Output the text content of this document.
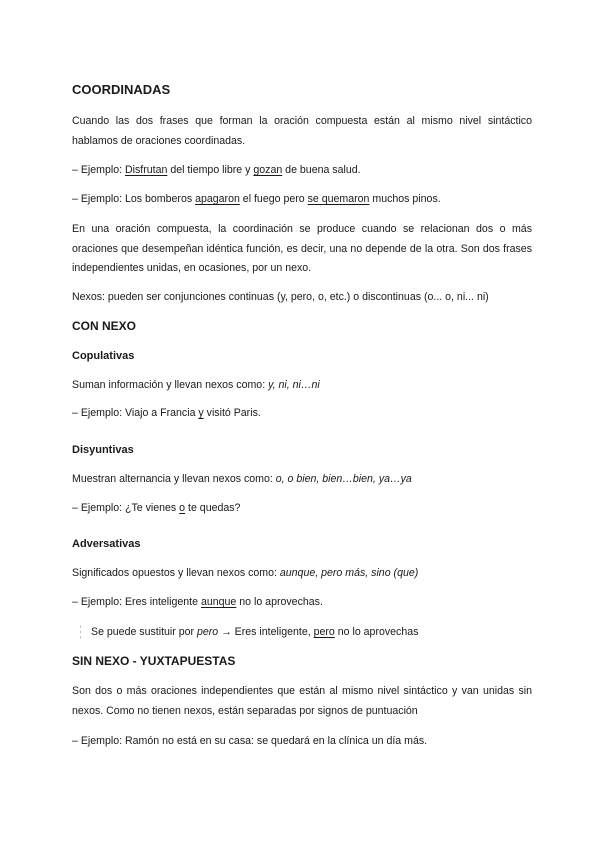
COORDINADAS
Cuando las dos frases que forman la oración compuesta están al mismo nivel sintáctico hablamos de oraciones coordinadas.
– Ejemplo: Disfrutan del tiempo libre y gozan de buena salud.
– Ejemplo: Los bomberos apagaron el fuego pero se quemaron muchos pinos.
En una oración compuesta, la coordinación se produce cuando se relacionan dos o más oraciones que desempeñan idéntica función, es decir, una no depende de la otra. Son dos frases independientes unidas, en ocasiones, por un nexo.
Nexos: pueden ser conjunciones continuas (y, pero, o, etc.) o discontinuas (o... o, ni... ni)
CON NEXO
Copulativas
Suman información y llevan nexos como: y, ni, ni…ni
– Ejemplo: Viajo a Francia y visitó Paris.
Disyuntivas
Muestran alternancia y llevan nexos como: o, o bien, bien…bien, ya…ya
– Ejemplo: ¿Te vienes o te quedas?
Adversativas
Significados opuestos y llevan nexos como: aunque, pero más, sino (que)
– Ejemplo: Eres inteligente aunque no lo aprovechas.
Se puede sustituir por pero → Eres inteligente, pero no lo aprovechas
SIN NEXO - YUXTAPUESTAS
Son dos o más oraciones independientes que están al mismo nivel sintáctico y van unidas sin nexos. Como no tienen nexos, están separadas por signos de puntuación
– Ejemplo: Ramón no está en su casa: se quedará en la clínica un día más.
